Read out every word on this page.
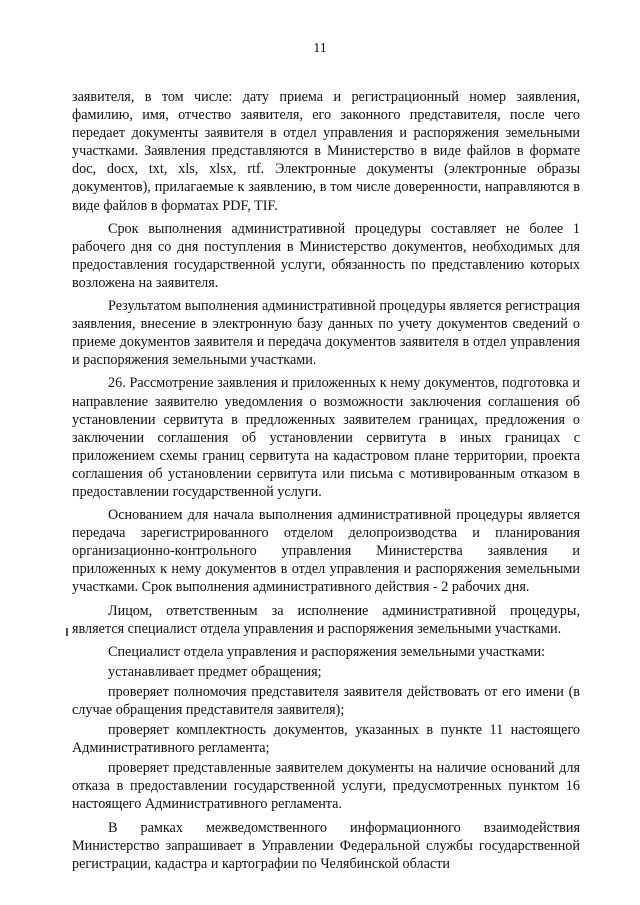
11

заявителя, в том числе: дату приема и регистрационный номер заявления, фамилию, имя, отчество заявителя, его законного представителя, после чего передает документы заявителя в отдел управления и распоряжения земельными участками. Заявления представляются в Министерство в виде файлов в формате doc, docx, txt, xls, xlsx, rtf. Электронные документы (электронные образы документов), прилагаемые к заявлению, в том числе доверенности, направляются в виде файлов в форматах PDF, TIF.

Срок выполнения административной процедуры составляет не более 1 рабочего дня со дня поступления в Министерство документов, необходимых для предоставления государственной услуги, обязанность по представлению которых возложена на заявителя.

Результатом выполнения административной процедуры является регистрация заявления, внесение в электронную базу данных по учету документов сведений о приеме документов заявителя и передача документов заявителя в отдел управления и распоряжения земельными участками.

26. Рассмотрение заявления и приложенных к нему документов, подготовка и направление заявителю уведомления о возможности заключения соглашения об установлении сервитута в предложенных заявителем границах, предложения о заключении соглашения об установлении сервитута в иных границах с приложением схемы границ сервитута на кадастровом плане территории, проекта соглашения об установлении сервитута или письма с мотивированным отказом в предоставлении государственной услуги.

Основанием для начала выполнения административной процедуры является передача зарегистрированного отделом делопроизводства и планирования организационно-контрольного управления Министерства заявления и приложенных к нему документов в отдел управления и распоряжения земельными участками. Срок выполнения административного действия - 2 рабочих дня.

Лицом, ответственным за исполнение административной процедуры, является специалист отдела управления и распоряжения земельными участками.

Специалист отдела управления и распоряжения земельными участками:

устанавливает предмет обращения;

проверяет полномочия представителя заявителя действовать от его имени (в случае обращения представителя заявителя);

проверяет комплектность документов, указанных в пункте 11 настоящего Административного регламента;

проверяет представленные заявителем документы на наличие оснований для отказа в предоставлении государственной услуги, предусмотренных пунктом 16 настоящего Административного регламента.

В рамках межведомственного информационного взаимодействия Министерство запрашивает в Управлении Федеральной службы государственной регистрации, кадастра и картографии по Челябинской области
